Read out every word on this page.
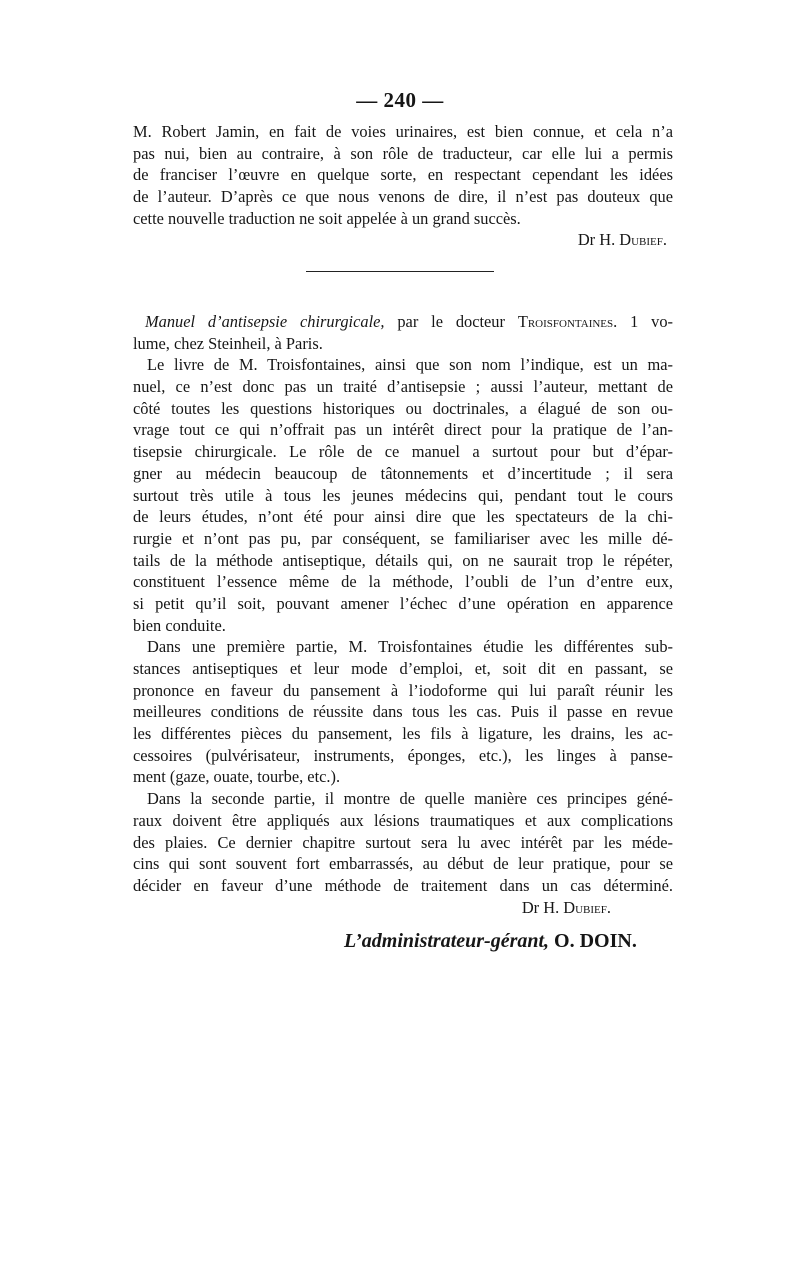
— 240 —
M. Robert Jamin, en fait de voies urinaires, est bien connue, et cela n’a
pas nui, bien au contraire, à son rôle de traducteur, car elle lui a permis
de franciser l’œuvre en quelque sorte, en respectant cependant les idées
de l’auteur. D’après ce que nous venons de dire, il n’est pas douteux que
cette nouvelle traduction ne soit appelée à un grand succès.
Dr H. Dubief.
Manuel d’antisepsie chirurgicale, par le docteur Troisfontaines. 1 vo-
lume, chez Steinheil, à Paris.
Le livre de M. Troisfontaines, ainsi que son nom l’indique, est un ma-
nuel, ce n’est donc pas un traité d’antisepsie ; aussi l’auteur, mettant de
côté toutes les questions historiques ou doctrinales, a élagué de son ou-
vrage tout ce qui n’offrait pas un intérêt direct pour la pratique de l’an-
tisepsie chirurgicale. Le rôle de ce manuel a surtout pour but d’épar-
gner au médecin beaucoup de tâtonnements et d’incertitude ; il sera
surtout très utile à tous les jeunes médecins qui, pendant tout le cours
de leurs études, n’ont été pour ainsi dire que les spectateurs de la chi-
rurgie et n’ont pas pu, par conséquent, se familiariser avec les mille dé-
tails de la méthode antiseptique, détails qui, on ne saurait trop le répéter,
constituent l’essence même de la méthode, l’oubli de l’un d’entre eux,
si petit qu’il soit, pouvant amener l’échec d’une opération en apparence
bien conduite.
Dans une première partie, M. Troisfontaines étudie les différentes sub-
stances antiseptiques et leur mode d’emploi, et, soit dit en passant, se
prononce en faveur du pansement à l’iodoforme qui lui paraît réunir les
meilleures conditions de réussite dans tous les cas. Puis il passe en revue
les différentes pièces du pansement, les fils à ligature, les drains, les ac-
cessoires (pulvérisateur, instruments, éponges, etc.), les linges à panse-
ment (gaze, ouate, tourbe, etc.).
Dans la seconde partie, il montre de quelle manière ces principes géné-
raux doivent être appliqués aux lésions traumatiques et aux complications
des plaies. Ce dernier chapitre surtout sera lu avec intérêt par les méde-
cins qui sont souvent fort embarrassés, au début de leur pratique, pour se
décider en faveur d’une méthode de traitement dans un cas déterminé.
Dr H. Dubief.
L’administrateur-gérant, O. DOIN.
